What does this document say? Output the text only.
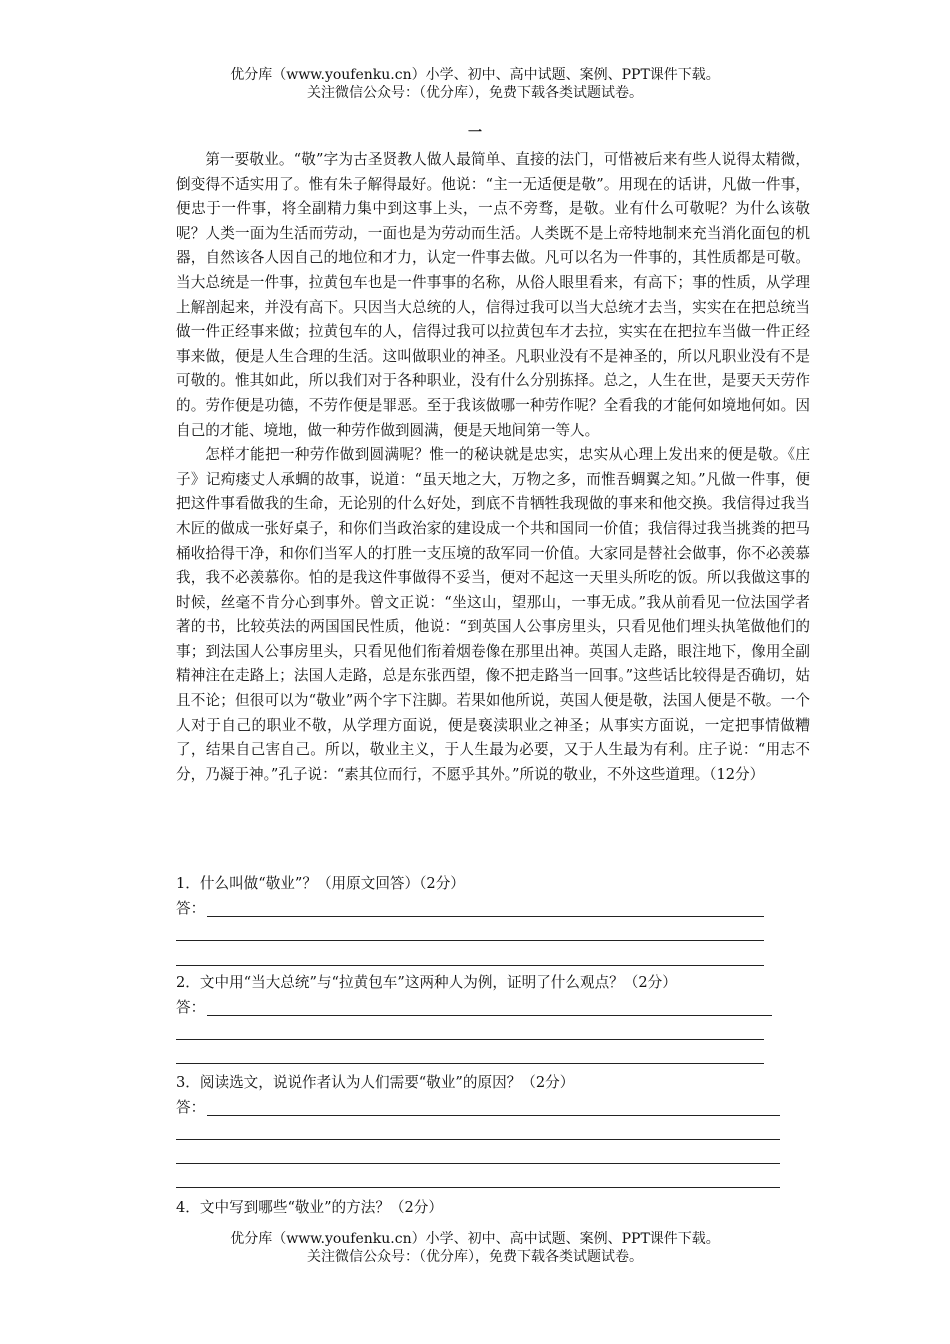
优分库（www.youfenku.cn）小学、初中、高中试题、案例、PPT课件下载。
关注微信公众号：（优分库），免费下载各类试题试卷。
一

第一要敬业。“敬”字为古圣贤教人做人最简单、直接的法门，可惜被后来有些人说得太精微，倒变得不适实用了。惟有朱子解得最好。他说：“主一无适便是敬”。用现在的话讲，凡做一件事，便忠于一件事，将全副精力集中到这事上头，一点不旁骛，是敬。业有什么可敬呢？为什么该敬呢？人类一面为生活而劳动，一面也是为劳动而生活。人类既不是上帝特地制来充当消化面包的机器，自然该各人因自己的地位和才力，认定一件事去做。凡可以名为一件事的，其性质都是可敬。当大总统是一件事，拉黄包车也是一件事事的名称，从俗人眼里看来，有高下；事的性质，从学理上解剖起来，并没有高下。只因当大总统的人，信得过我可以当大总统才去当，实实在在把总统当做一件正经事来做；拉黄包车的人，信得过我可以拉黄包车才去拉，实实在在把拉车当做一件正经事来做，便是人生合理的生活。这叫做职业的神圣。凡职业没有不是神圣的，所以凡职业没有不是可敬的。惟其如此，所以我们对于各种职业，没有什么分别拣择。总之，人生在世，是要天天劳作的。劳作便是功德，不劳作便是罪恶。至于我该做哪一种劳作呢？全看我的才能何如境地何如。因自己的才能、境地，做一种劳作做到圆满，便是天地间第一等人。

怎样才能把一种劳作做到圆满呢？惟一的秘诀就是忠实，忠实从心理上发出来的便是敬。《庄子》记痀瘘丈人承蜩的故事，说道：“虽天地之大，万物之多，而惟吾蜩翼之知。”凡做一件事，便把这件事看做我的生命，无论别的什么好处，到底不肯牺牲我现做的事来和他交换。我信得过我当木匠的做成一张好桌子，和你们当政治家的建设成一个共和国同一价值；我信得过我当挑粪的把马桶收拾得干净，和你们当军人的打胜一支压境的敌军同一价值。大家同是替社会做事，你不必羡慕我，我不必羡慕你。怕的是我这件事做得不妥当，便对不起这一天里头所吃的饭。所以我做这事的时候，丝毫不肯分心到事外。曾文正说：“坐这山，望那山，一事无成。”我从前看见一位法国学者著的书，比较英法的两国国民性质，他说：“到英国人公事房里头，只看见他们埋头执笔做他们的事；到法国人公事房里头，只看见他们衔着烟卷像在那里出神。英国人走路，眼注地下，像用全副精神注在走路上；法国人走路，总是东张西望，像不把走路当一回事。”这些话比较得是否确切，姑且不论；但很可以为“敬业”两个字下注脚。若果如他所说，英国人便是敬，法国人便是不敬。一个人对于自己的职业不敬，从学理方面说，便是亵渎职业之神圣；从事实方面说，一定把事情做糟了，结果自己害自己。所以，敬业主义，于人生最为必要，又于人生最为有利。庄子说：“用志不分，乃凝于神。”孔子说：“素其位而行，不愿乎其外。”所说的敬业，不外这些道理。（12分）

1．什么叫做“敬业”？（用原文回答）（2分）
答：
2．文中用“当大总统”与“拉黄包车”这两种人为例，证明了什么观点？（2分）
答：
3．阅读选文，说说作者认为人们需要“敬业”的原因？（2分）
答：
4．文中写到哪些“敬业”的方法？（2分）
优分库（www.youfenku.cn）小学、初中、高中试题、案例、PPT课件下载。
关注微信公众号：（优分库），免费下载各类试题试卷。
